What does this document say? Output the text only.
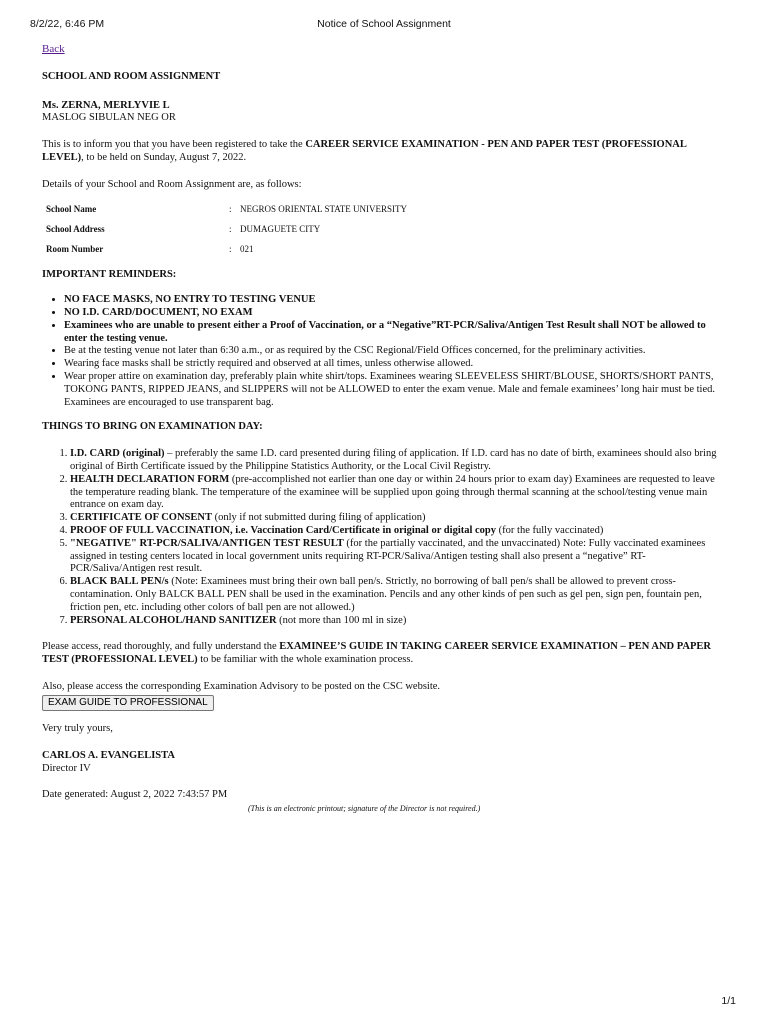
8/2/22, 6:46 PM	Notice of School Assignment
Back
SCHOOL AND ROOM ASSIGNMENT
Ms. ZERNA, MERLYVIE L
MASLOG SIBULAN NEG OR

This is to inform you that you have been registered to take the CAREER SERVICE EXAMINATION - PEN AND PAPER TEST (PROFESSIONAL LEVEL), to be held on Sunday, August 7, 2022.

Details of your School and Room Assignment are, as follows:

School Name	:	NEGROS ORIENTAL STATE UNIVERSITY
School Address	:	DUMAGUETE CITY
Room Number	:	021
IMPORTANT REMINDERS:
• NO FACE MASKS, NO ENTRY TO TESTING VENUE
• NO I.D. CARD/DOCUMENT, NO EXAM
• Examinees who are unable to present either a Proof of Vaccination, or a “Negative”RT-PCR/Saliva/Antigen Test Result shall NOT be allowed to enter the testing venue.
• Be at the testing venue not later than 6:30 a.m., or as required by the CSC Regional/Field Offices concerned, for the preliminary activities.
• Wearing face masks shall be strictly required and observed at all times, unless otherwise allowed.
• Wear proper attire on examination day, preferably plain white shirt/tops. Examinees wearing SLEEVELESS SHIRT/BLOUSE, SHORTS/SHORT PANTS, TOKONG PANTS, RIPPED JEANS, and SLIPPERS will not be ALLOWED to enter the exam venue. Male and female examinees’ long hair must be tied. Examinees are encouraged to use transparent bag.
THINGS TO BRING ON EXAMINATION DAY:
1. I.D. CARD (original) – preferably the same I.D. card presented during filing of application. If I.D. card has no date of birth, examinees should also bring original of Birth Certificate issued by the Philippine Statistics Authority, or the Local Civil Registry.
2. HEALTH DECLARATION FORM (pre-accomplished not earlier than one day or within 24 hours prior to exam day) Examinees are requested to leave the temperature reading blank. The temperature of the examinee will be supplied upon going through thermal scanning at the school/testing venue main entrance on exam day.
3. CERTIFICATE OF CONSENT (only if not submitted during filing of application)
4. PROOF OF FULL VACCINATION, i.e. Vaccination Card/Certificate in original or digital copy (for the fully vaccinated)
5. "NEGATIVE" RT-PCR/SALIVA/ANTIGEN TEST RESULT (for the partially vaccinated, and the unvaccinated) Note: Fully vaccinated examinees assigned in testing centers located in local government units requiring RT-PCR/Saliva/Antigen testing shall also present a “negative” RT-PCR/Saliva/Antigen rest result.
6. BLACK BALL PEN/s (Note: Examinees must bring their own ball pen/s. Strictly, no borrowing of ball pen/s shall be allowed to prevent cross-contamination. Only BALCK BALL PEN shall be used in the examination. Pencils and any other kinds of pen such as gel pen, sign pen, fountain pen, friction pen, etc. including other colors of ball pen are not allowed.)
7. PERSONAL ALCOHOL/HAND SANITIZER (not more than 100 ml in size)

Please access, read thoroughly, and fully understand the EXAMINEE’S GUIDE IN TAKING CAREER SERVICE EXAMINATION – PEN AND PAPER TEST (PROFESSIONAL LEVEL) to be familiar with the whole examination process.

Also, please access the corresponding Examination Advisory to be posted on the CSC website.

EXAM GUIDE TO PROFESSIONAL

Very truly yours,

CARLOS A. EVANGELISTA
Director IV

Date generated: August 2, 2022 7:43:57 PM

(This is an electronic printout; signature of the Director is not required.)

1/1
